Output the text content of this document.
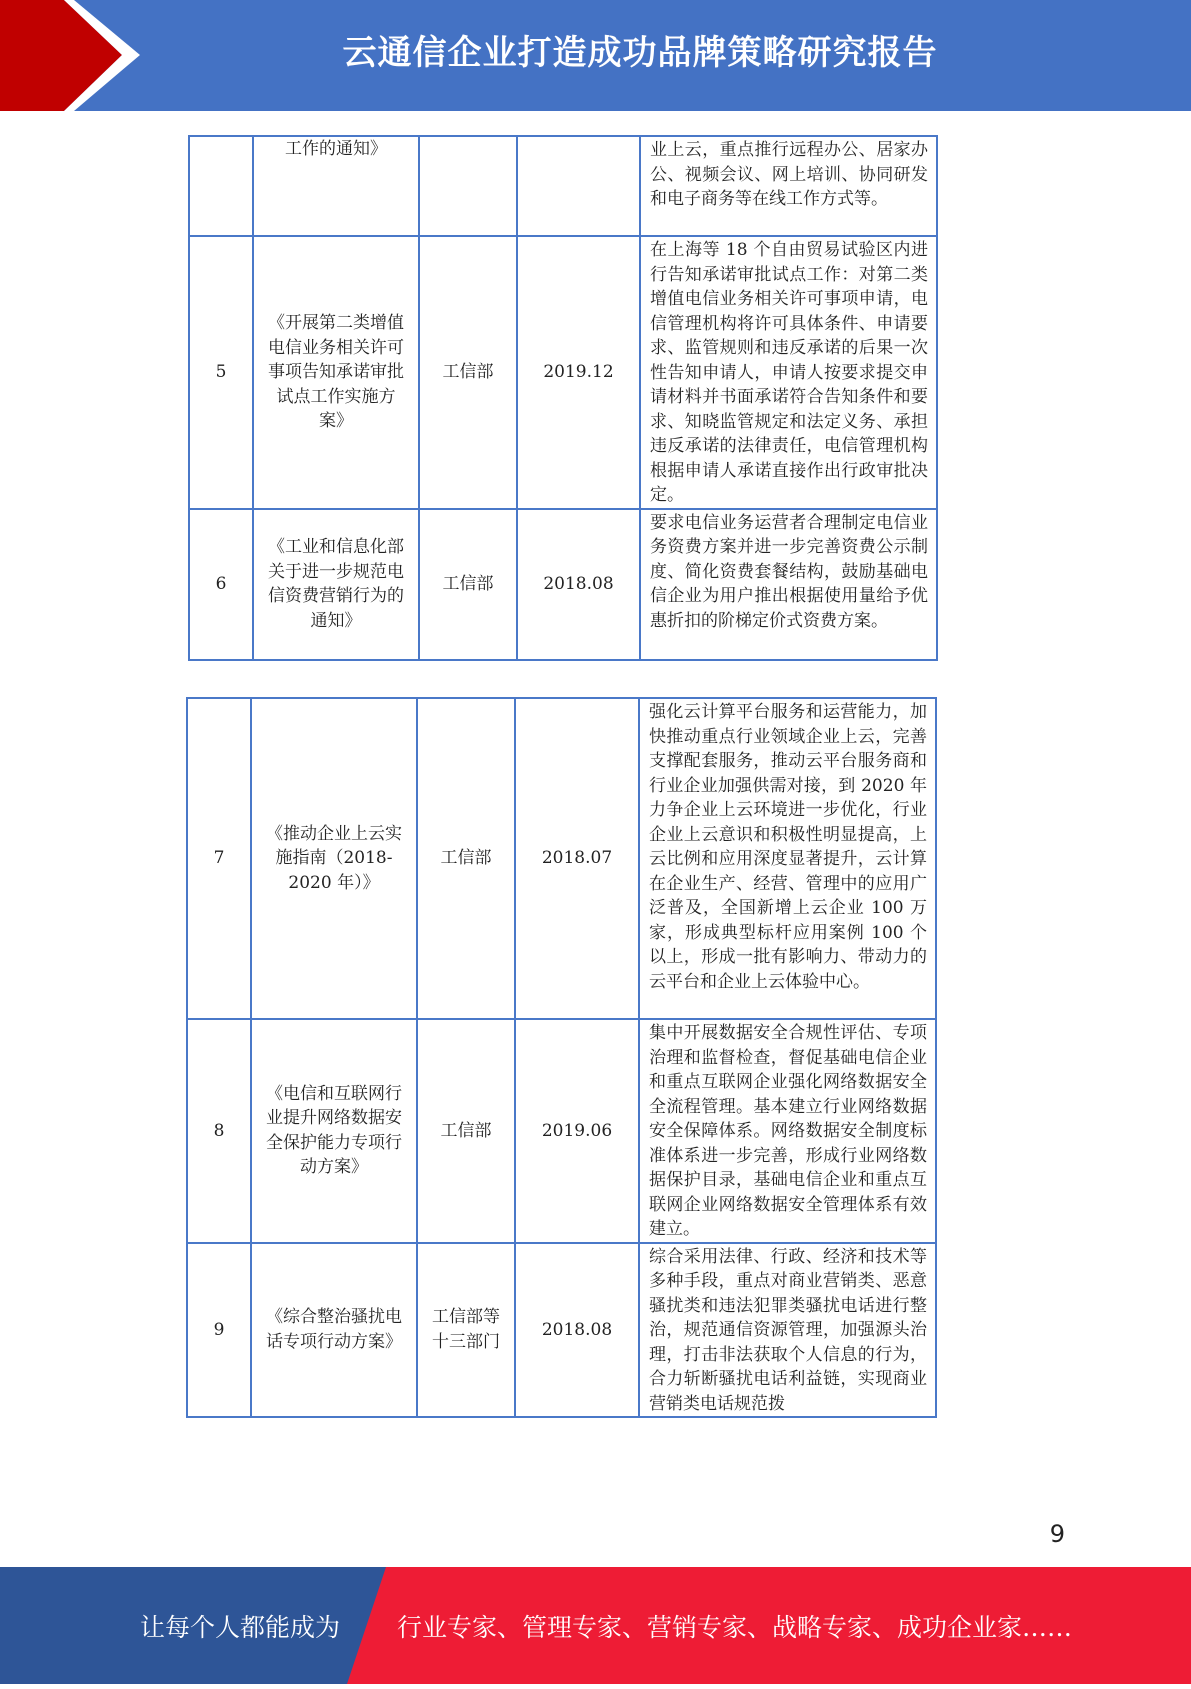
云通信企业打造成功品牌策略研究报告

	工作的通知》			业上云，重点推行远程办公、居家办公、视频会议、网上培训、协同研发和电子商务等在线工作方式等。
5	《开展第二类增值电信业务相关许可事项告知承诺审批试点工作实施方案》	工信部	2019.12	在上海等 18 个自由贸易试验区内进行告知承诺审批试点工作：对第二类增值电信业务相关许可事项申请，电信管理机构将许可具体条件、申请要求、监管规则和违反承诺的后果一次性告知申请人，申请人按要求提交申请材料并书面承诺符合告知条件和要求、知晓监管规定和法定义务、承担违反承诺的法律责任，电信管理机构根据申请人承诺直接作出行政审批决定。
6	《工业和信息化部关于进一步规范电信资费营销行为的通知》	工信部	2018.08	要求电信业务运营者合理制定电信业务资费方案并进一步完善资费公示制度、简化资费套餐结构，鼓励基础电信企业为用户推出根据使用量给予优惠折扣的阶梯定价式资费方案。
7	《推动企业上云实施指南（2018-2020 年）》	工信部	2018.07	强化云计算平台服务和运营能力，加快推动重点行业领域企业上云，完善支撑配套服务，推动云平台服务商和行业企业加强供需对接，到 2020 年力争企业上云环境进一步优化，行业企业上云意识和积极性明显提高，上云比例和应用深度显著提升，云计算在企业生产、经营、管理中的应用广泛普及，全国新增上云企业 100 万家，形成典型标杆应用案例 100 个以上，形成一批有影响力、带动力的云平台和企业上云体验中心。
8	《电信和互联网行业提升网络数据安全保护能力专项行动方案》	工信部	2019.06	集中开展数据安全合规性评估、专项治理和监督检查，督促基础电信企业和重点互联网企业强化网络数据安全全流程管理。基本建立行业网络数据安全保障体系。网络数据安全制度标准体系进一步完善，形成行业网络数据保护目录，基础电信企业和重点互联网企业网络数据安全管理体系有效建立。
9	《综合整治骚扰电话专项行动方案》	工信部等十三部门	2018.08	综合采用法律、行政、经济和技术等多种手段，重点对商业营销类、恶意骚扰类和违法犯罪类骚扰电话进行整治，规范通信资源管理，加强源头治理，打击非法获取个人信息的行为，合力斩断骚扰电话利益链，实现商业营销类电话规范拨
9
让每个人都能成为 行业专家、管理专家、营销专家、战略专家、成功企业家……
